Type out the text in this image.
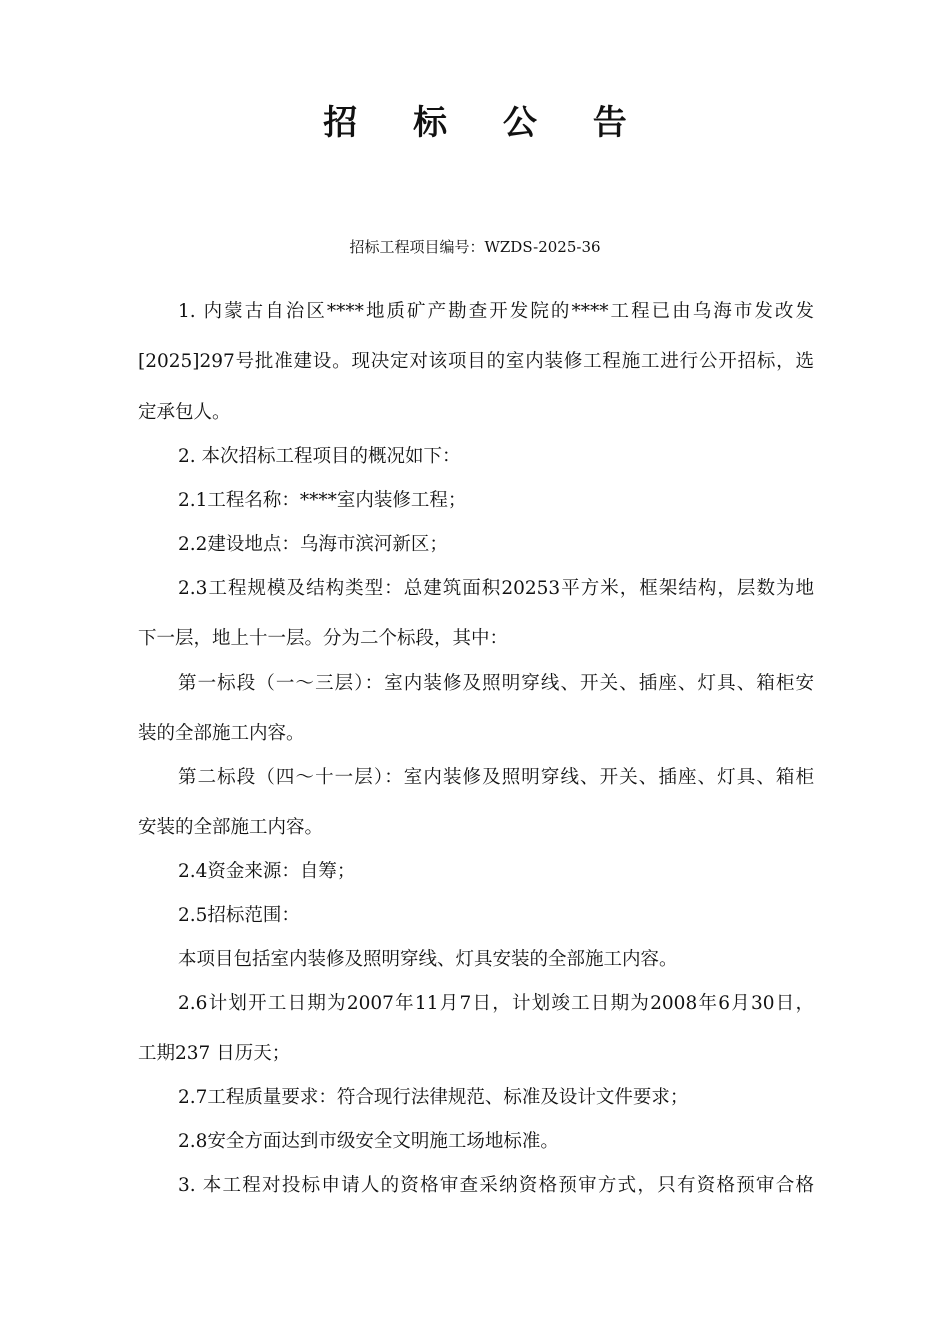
招 标 公 告
招标工程项目编号：WZDS-2025-36
1. 内蒙古自治区****地质矿产勘查开发院的****工程已由乌海市发改发
[2025]297号批准建设。现决定对该项目的室内装修工程施工进行公开招标，选
定承包人。
2. 本次招标工程项目的概况如下：
2.1工程名称：****室内装修工程；
2.2建设地点：乌海市滨河新区；
2.3工程规模及结构类型：总建筑面积20253平方米，框架结构，层数为地
下一层，地上十一层。分为二个标段，其中：
第一标段（一～三层）：室内装修及照明穿线、开关、插座、灯具、箱柜安
装的全部施工内容。
第二标段（四～十一层）：室内装修及照明穿线、开关、插座、灯具、箱柜
安装的全部施工内容。
2.4资金来源：自筹；
2.5招标范围：
本项目包括室内装修及照明穿线、灯具安装的全部施工内容。
2.6计划开工日期为2007年11月7日，计划竣工日期为2008年6月30日，
工期237 日历天；
2.7工程质量要求：符合现行法律规范、标准及设计文件要求；
2.8安全方面达到市级安全文明施工场地标准。
3. 本工程对投标申请人的资格审查采纳资格预审方式，只有资格预审合格
